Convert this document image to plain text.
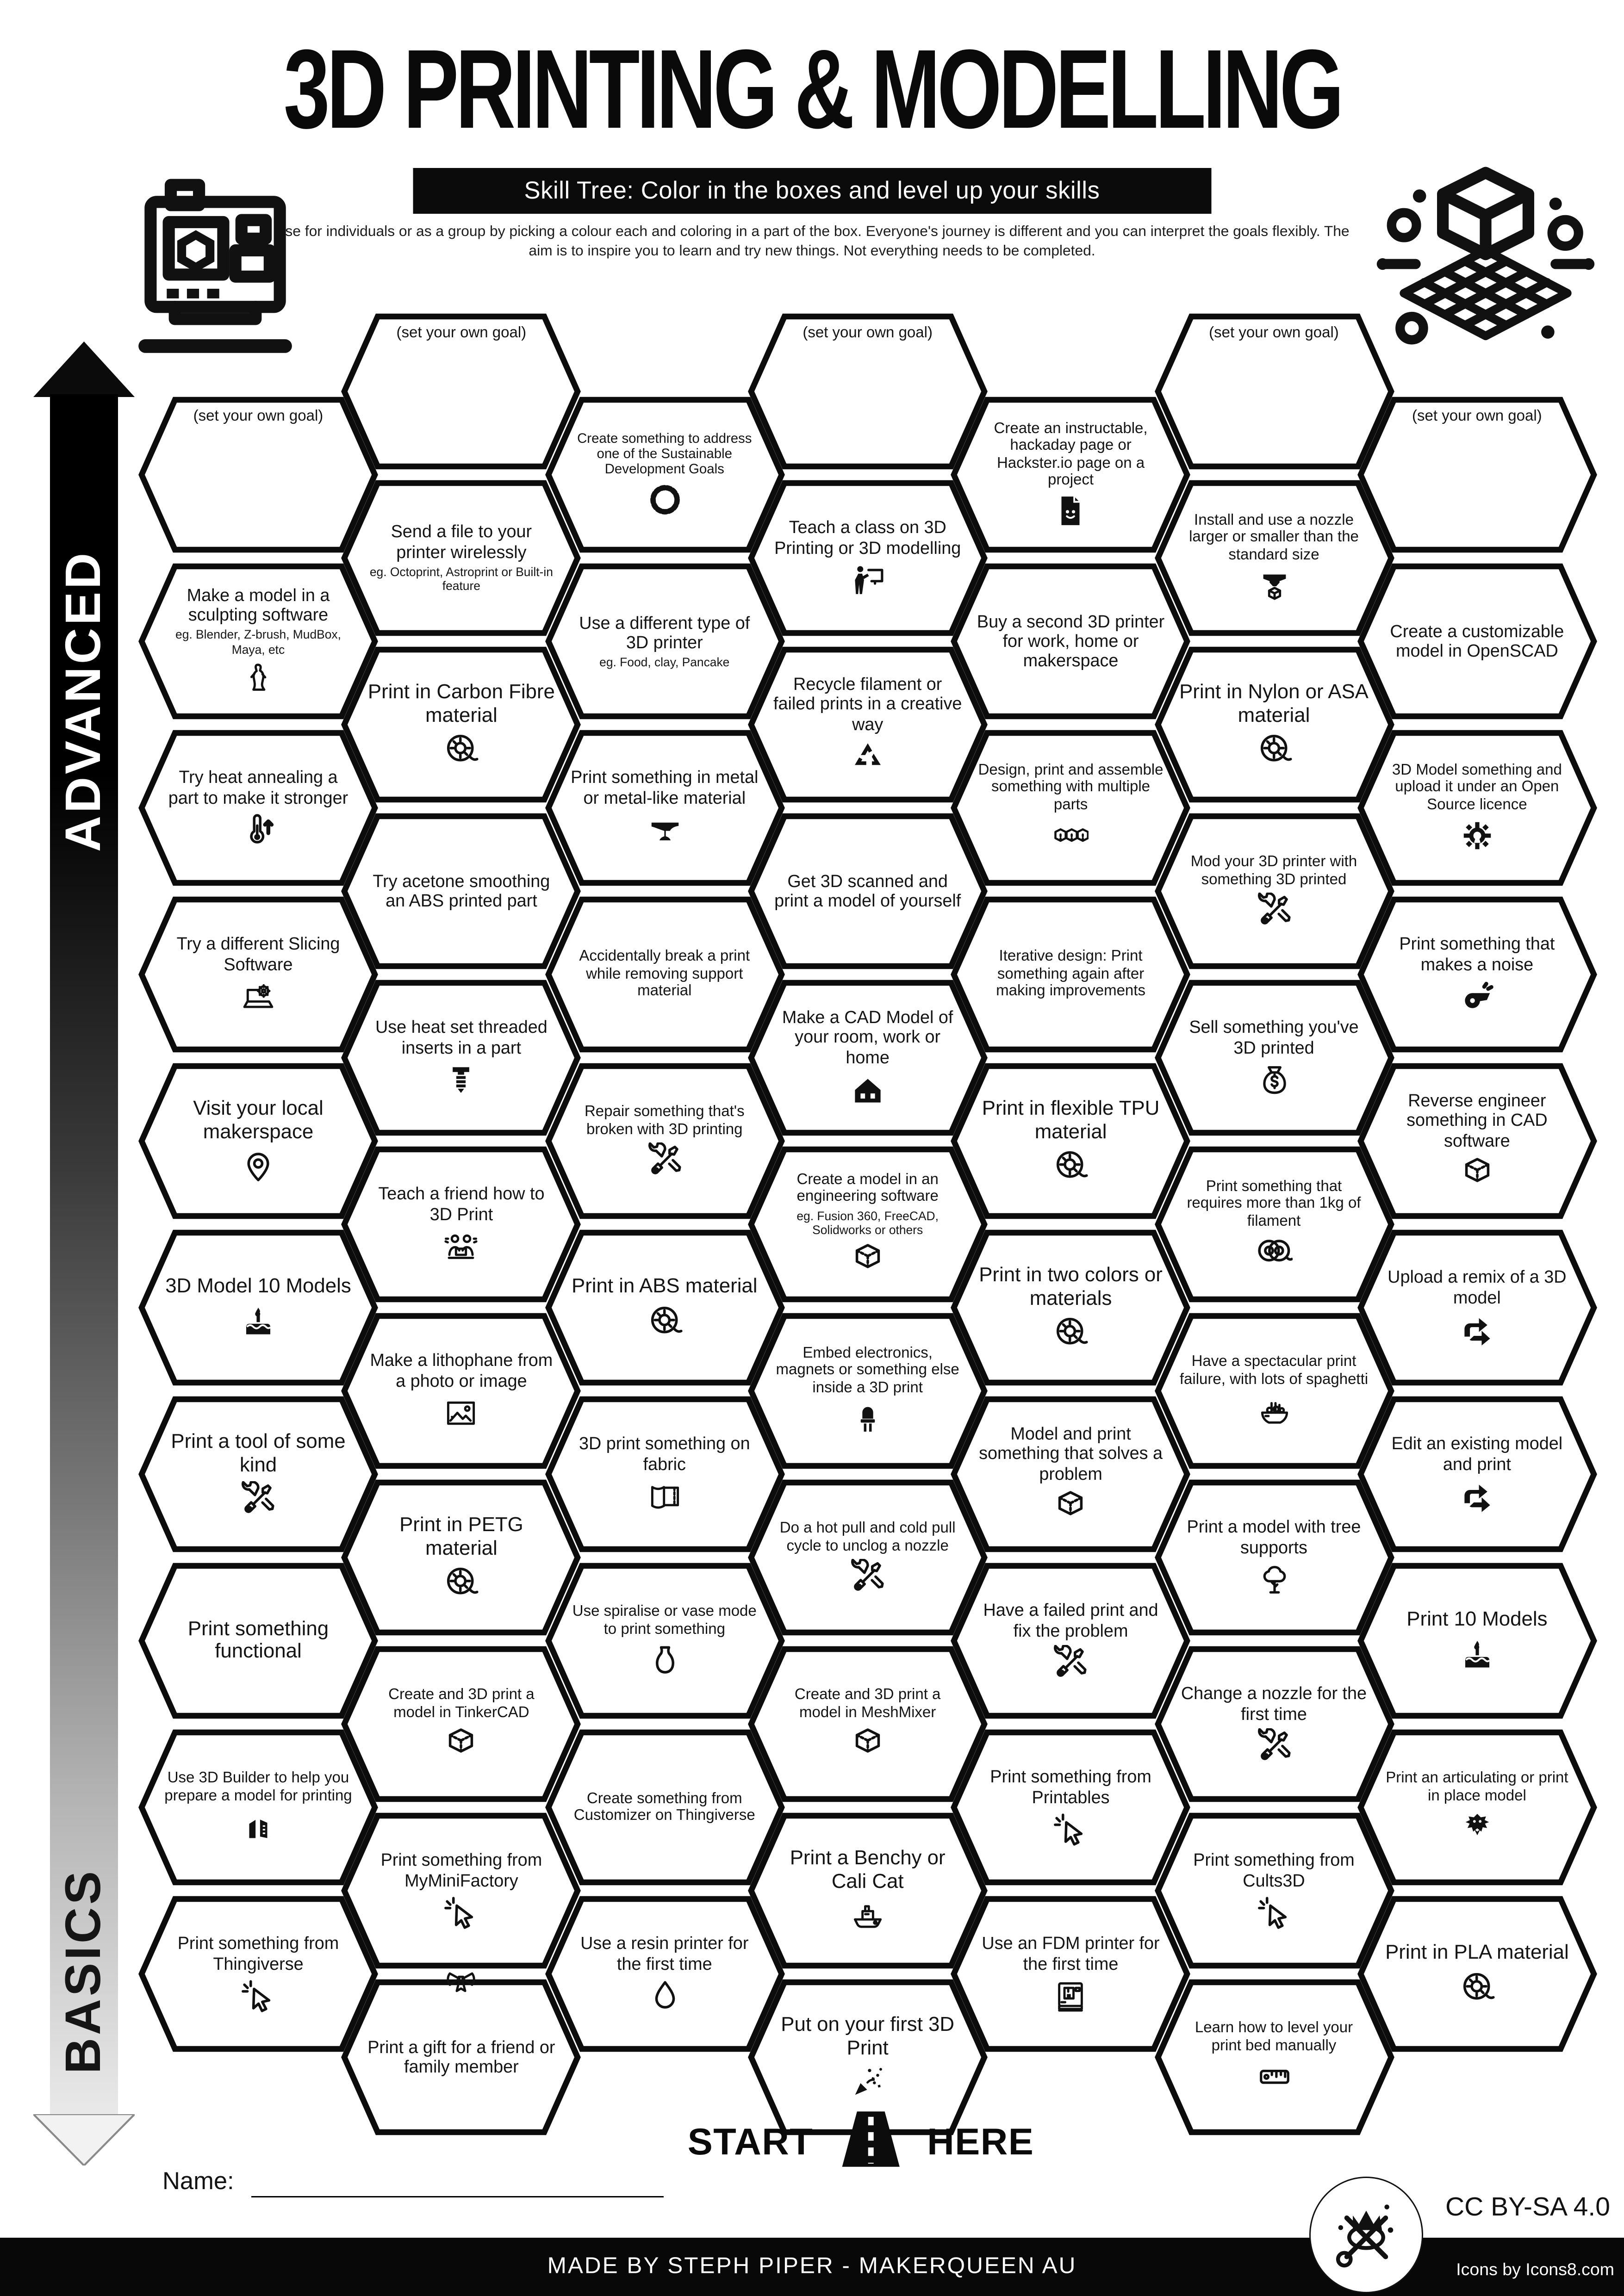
3D PRINTING & MODELLING
Skill Tree: Color in the boxes and level up your skills
Use for individuals or as a group by picking a colour each and coloring in a part of the box. Everyone's journey is different and you can interpret the goals flexibly. The aim is to inspire you to learn and try new things. Not everything needs to be completed.
ADVANCED
BASICS
(set your own goal)
Make a model in a sculpting software
eg. Blender, Z-brush, MudBox, Maya, etc
Try heat annealing a part to make it stronger
Try a different Slicing Software
Visit your local makerspace
3D Model 10 Models
Print a tool of some kind
Print something functional
Use 3D Builder to help you prepare a model for printing
Print something from Thingiverse
(set your own goal)
Send a file to your printer wirelessly
eg. Octoprint, Astroprint or Built-in feature
Print in Carbon Fibre material
Try acetone smoothing an ABS printed part
Use heat set threaded inserts in a part
Teach a friend how to 3D Print
Make a lithophane from a photo or image
Print in PETG material
Create and 3D print a model in TinkerCAD
Print something from MyMiniFactory
Print a gift for a friend or family member
Create something to address one of the Sustainable Development Goals
Use a different type of 3D printer
eg. Food, clay, Pancake
Print something in metal or metal-like material
Accidentally break a print while removing support material
Repair something that's broken with 3D printing
Print in ABS material
3D print something on fabric
Use spiralise or vase mode to print something
Create something from Customizer on Thingiverse
Use a resin printer for the first time
(set your own goal)
Teach a class on 3D Printing or 3D modelling
Recycle filament or failed prints in a creative way
Get 3D scanned and print a model of yourself
Make a CAD Model of your room, work or home
Create a model in an engineering software
eg. Fusion 360, FreeCAD, Solidworks or others
Embed electronics, magnets or something else inside a 3D print
Do a hot pull and cold pull cycle to unclog a nozzle
Create and 3D print a model in MeshMixer
Print a Benchy or Cali Cat
Put on your first 3D Print
Create an instructable, hackaday page or Hackster.io page on a project
Buy a second 3D printer for work, home or makerspace
Design, print and assemble something with multiple parts
Iterative design: Print something again after making improvements
Print in flexible TPU material
Print in two colors or materials
Model and print something that solves a problem
Have a failed print and fix the problem
Print something from Printables
Use an FDM printer for the first time
(set your own goal)
Install and use a nozzle larger or smaller than the standard size
Print in Nylon or ASA material
Mod your 3D printer with something 3D printed
Sell something you've 3D printed
Print something that requires more than 1kg of filament
Have a spectacular print failure, with lots of spaghetti
Print a model with tree supports
Change a nozzle for the first time
Print something from Cults3D
Learn how to level your print bed manually
(set your own goal)
Create a customizable model in OpenSCAD
3D Model something and upload it under an Open Source licence
Print something that makes a noise
Reverse engineer something in CAD software
Upload a remix of a 3D model
Edit an existing model and print
Print 10 Models
Print an articulating or print in place model
Print in PLA material
START	HERE
Name:
CC BY-SA 4.0
MADE BY STEPH PIPER - MAKERQUEEN AU	Icons by Icons8.com
